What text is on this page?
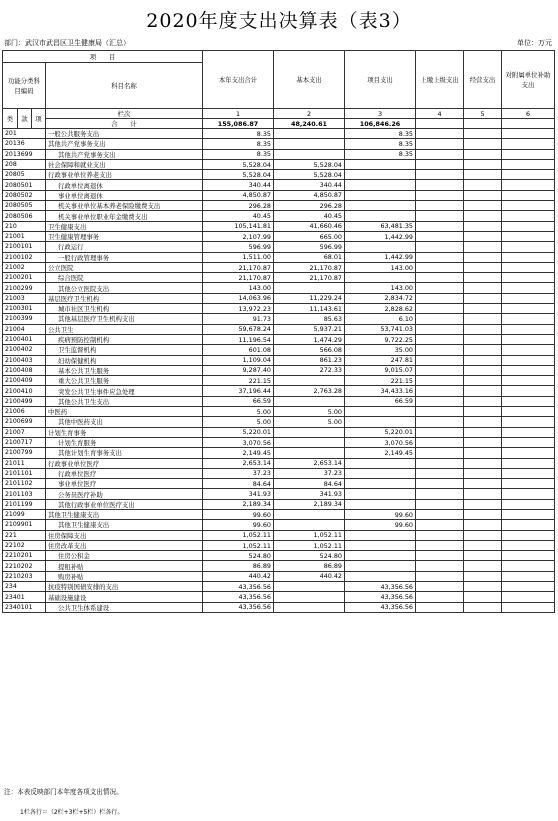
2020年度支出决算表（表3）
部门：武汉市武昌区卫生健康局（汇总）	单位：万元
项　　目				本年支出合计	基本支出	项目支出	上缴上级支出	经营支出	对附属单位补助支出
功能分类科目编码			科目名称						

类	款	项	栏次	1	2	3	4	5	6
			合　　计	155,086.87	48,240.61	106,846.26			
201			一般公共服务支出	8.35		8.35			
20136			其他共产党事务支出	8.35		8.35			
2013699			其他共产党事务支出	8.35		8.35			
208			社会保障和就业支出	5,528.04	5,528.04				
20805			行政事业单位养老支出	5,528.04	5,528.04				
2080501			行政单位离退休	340.44	340.44				
2080502			事业单位离退休	4,850.87	4,850.87				
2080505			机关事业单位基本养老保险缴费支出	296.28	296.28				
2080506			机关事业单位职业年金缴费支出	40.45	40.45				
210			卫生健康支出	105,141.81	41,660.46	63,481.35			
21001			卫生健康管理事务	2,107.99	665.00	1,442.99			
2100101			行政运行	596.99	596.99				
2100102			一般行政管理事务	1,511.00	68.01	1,442.99			
21002			公立医院	21,170.87	21,170.87	143.00			
2100201			综合医院	21,170.87	21,170.87				
2100299			其他公立医院支出	143.00		143.00			
21003			基层医疗卫生机构	14,063.96	11,229.24	2,834.72			
2100301			城市社区卫生机构	13,972.23	11,143.61	2,828.62			
2100399			其他基层医疗卫生机构支出	91.73	85.63	6.10			
21004			公共卫生	59,678.24	5,937.21	53,741.03			
2100401			疾病预防控制机构	11,196.54	1,474.29	9,722.25			
2100402			卫生监督机构	601.08	566.08	35.00			
2100403			妇幼保健机构	1,109.04	861.23	247.81			
2100408			基本公共卫生服务	9,287.40	272.33	9,015.07			
2100409			重大公共卫生服务	221.15		221.15			
2100410			突发公共卫生事件应急处理	37,196.44	2,763.28	34,433.16			
2100499			其他公共卫生支出	66.59		66.59			
21006			中医药	5.00	5.00				
2100699			其他中医药支出	5.00	5.00				
21007			计划生育事务	5,220.01		5,220.01			
2100717			计划生育服务	3,070.56		3,070.56			
2100799			其他计划生育事务支出	2,149.45		2,149.45			
21011			行政事业单位医疗	2,653.14	2,653.14				
2101101			行政单位医疗	37.23	37.23				
2101102			事业单位医疗	84.64	84.64				
2101103			公务员医疗补助	341.93	341.93				
2101199			其他行政事业单位医疗支出	2,189.34	2,189.34				
21099			其他卫生健康支出	99.60		99.60			
2109901			其他卫生健康支出	99.60		99.60			
221			住房保障支出	1,052.11	1,052.11				
22102			住房改革支出	1,052.11	1,052.11				
2210201			住房公积金	524.80	524.80				
2210202			提租补贴	86.89	86.89				
2210203			购房补贴	440.42	440.42				
234			抗疫特别国债安排的支出	43,356.56		43,356.56			
23401			基础设施建设	43,356.56		43,356.56			
2340101			公共卫生体系建设	43,356.56		43,356.56			
注：本表反映部门本年度各项支出情况。
1栏各行＝（2栏+3栏+5栏）栏各行。
